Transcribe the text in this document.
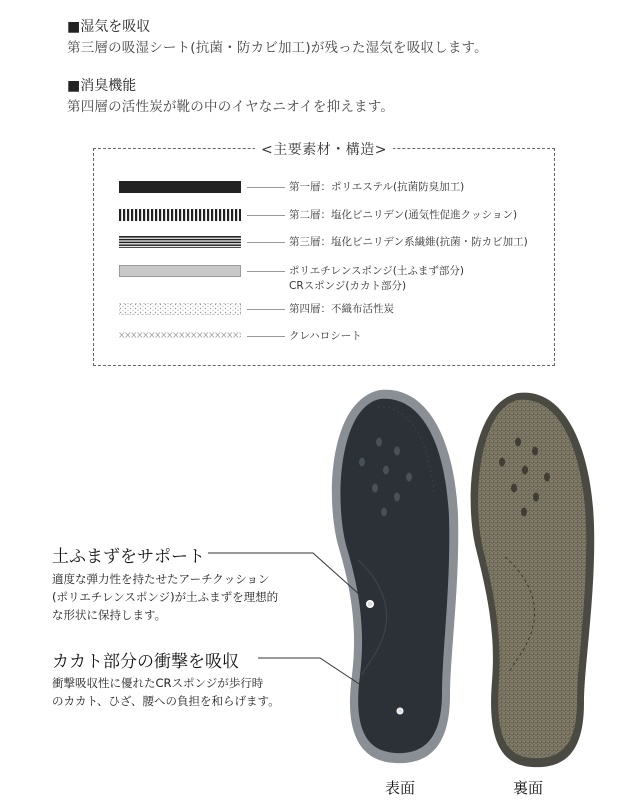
■湿気を吸収
第三層の吸湿シート(抗菌・防カビ加工)が残った湿気を吸収します。
■消臭機能
第四層の活性炭が靴の中のイヤなニオイを抑えます。
<主要素材・構造>
第一層：ポリエステル(抗菌防臭加工)
第二層：塩化ビニリデン(通気性促進クッション)
第三層：塩化ビニリデン系繊維(抗菌・防カビ加工)
ポリエチレンスポンジ(土ふまず部分)
CRスポンジ(カカト部分)
第四層：不織布活性炭
クレハロシート
土ふまずをサポート
適度な弾力性を持たせたアーチクッション
(ポリエチレンスポンジ)が土ふまずを理想的
な形状に保持します。
カカト部分の衝撃を吸収
衝撃吸収性に優れたCRスポンジが歩行時
のカカト、ひざ、腰への負担を和らげます。
表面	裏面
